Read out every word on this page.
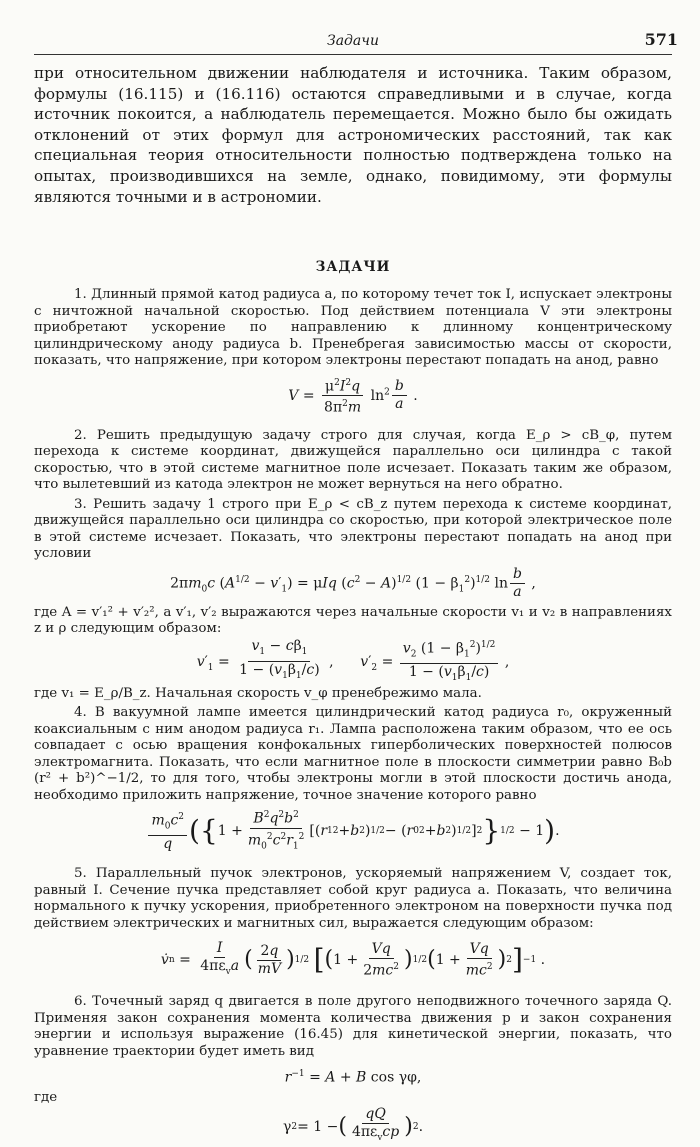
Задачи	571

при относительном движении наблюдателя и источника. Таким образом, формулы (16.115) и (16.116) остаются справедливыми и в случае, когда источник покоится, а наблюдатель перемещается. Можно было бы ожидать отклонений от этих формул для астрономических расстояний, так как специальная теория относительности полностью подтверждена только на опытах, производившихся на земле, однако, повидимому, эти формулы являются точными и в астрономии.

ЗАДАЧИ

1. Длинный прямой катод радиуса a, по которому течет ток I, испускает электроны с ничтожной начальной скоростью. Под действием потенциала V эти электроны приобретают ускорение по направлению к длинному концентрическому цилиндрическому аноду радиуса b. Пренебрегая зависимостью массы от скорости, показать, что напряжение, при котором электроны перестают попадать на анод, равно

$V = \frac{\mu^2I^2q}{8\pi^2m} \ln^2 \frac{b}{a}$ .

2. Решить предыдущую задачу строго для случая, когда E_ρ > cB_φ, путем перехода к системе координат, движущейся параллельно оси цилиндра с такой скоростью, что в этой системе магнитное поле исчезает. Показать таким же образом, что вылетевший из катода электрон не может вернуться на него обратно.

3. Решить задачу 1 строго при E_ρ < cB_z путем перехода к системе координат, движущейся параллельно оси цилиндра со скоростью, при которой электрическое поле в этой системе исчезает. Показать, что электроны перестают попадать на анод при условии

$2\pi m_0c$ $(A^{1/2} - v'_1) = \mu Iq$ $(c^2 - A)^{1/2}$ $(1 - \beta_1^2)^{1/2}$ $\ln \frac{b}{a}$ ,

где A = v′₁² + v′₂², а v′₁, v′₂ выражаются через начальные скорости v₁ и v₂ в направлениях z и ρ следующим образом:

$v'_1 = \frac{v_1 - c\beta_1}{1 - (v_1\beta_1/c)}$ ,      $v'_2 = \frac{v_2 (1 - \beta_1^2)^{1/2}}{1 - (v_1\beta_1/c)}$ ,

где v₁ = E_ρ/B_z. Начальная скорость v_φ пренебрежимо мала.

4. В вакуумной лампе имеется цилиндрический катод радиуса r₀, окруженный коаксиальным с ним анодом радиуса r₁. Лампа расположена таким образом, что ее ось совпадает с осью вращения конфокальных гиперболических поверхностей полюсов электромагнита. Показать, что если магнитное поле в плоскости симметрии равно B₀b (r² + b²)^−1/2, то для того, чтобы электроны могли в этой плоскости достичь анода, необходимо приложить напряжение, точное значение которого равно

$\frac{m_0c^2}{q}$ ( { $1 + \frac{B^2q^2b^2}{m_0^2c^2r_1^2}$ [( r 1 2 + b 2 ) 1/2 − ( r 0 2 + b 2 ) 1/2 ] 2 } 1/2 − 1 ) .

5. Параллельный пучок электронов, ускоряемый напряжением V, создает ток, равный I. Сечение пучка представляет собой круг радиуса a. Показать, что величина нормального к пучку ускорения, приобретенного электроном на поверхности пучка под действием электрических и магнитных сил, выражается следующим образом:

v̇ $n = \frac{I}{4\pi\varepsilon_va}$ ( $\frac{2q}{mV}$ ) 1/2
[ ( $1 + \frac{Vq}{2mc^2}$ ) 1/2 ( $1 + \frac{Vq}{mc^2}$ ) 2 ] −1 .

6. Точечный заряд q двигается в поле другого неподвижного точечного заряда Q. Применяя закон сохранения момента количества движения p и закон сохранения энергии и используя выражение (16.45) для кинетической энергии, показать, что уравнение траектории будет иметь вид

$r^{-1} = A + B$ cos γφ,

где

γ 2 = 1 − ( $\frac{qQ}{4\pi\varepsilon_vcp}$ ) 2 .
